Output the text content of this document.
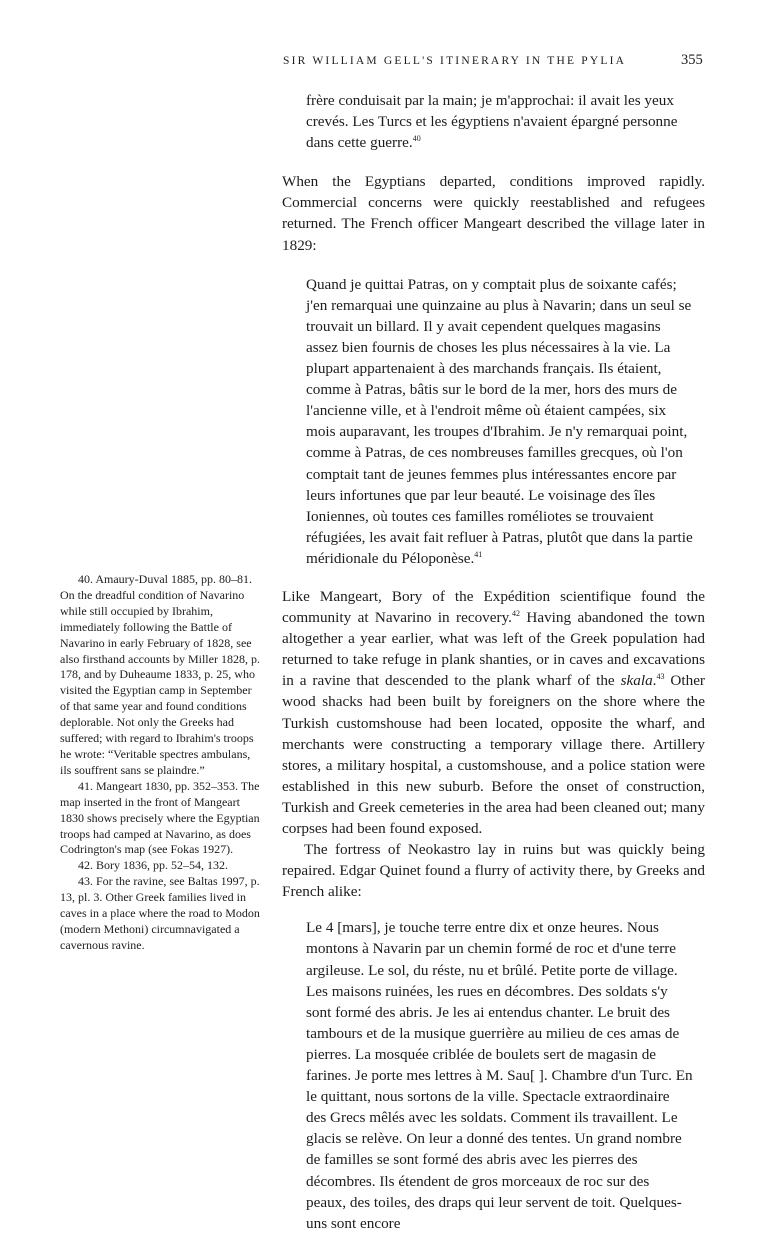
SIR WILLIAM GELL'S ITINERARY IN THE PYLIA	355

frère conduisait par la main; je m'approchai: il avait les yeux crevés. Les Turcs et les égyptiens n'avaient épargné personne dans cette guerre.$^{40}$

When the Egyptians departed, conditions improved rapidly. Commercial concerns were quickly reestablished and refugees returned. The French officer Mangeart described the village later in 1829:

Quand je quittai Patras, on y comptait plus de soixante cafés; j'en remarquai une quinzaine au plus à Navarin; dans un seul se trouvait un billard. Il y avait cependent quelques magasins assez bien fournis de choses les plus nécessaires à la vie. La plupart appartenaient à des marchands français. Ils étaient, comme à Patras, bâtis sur le bord de la mer, hors des murs de l'ancienne ville, et à l'endroit même où étaient campées, six mois auparavant, les troupes d'Ibrahim. Je n'y remarquai point, comme à Patras, de ces nombreuses familles grecques, où l'on comptait tant de jeunes femmes plus intéressantes encore par leurs infortunes que par leur beauté. Le voisinage des îles Ioniennes, où toutes ces familles roméliotes se trouvaient réfugiées, les avait fait refluer à Patras, plutôt que dans la partie méridionale du Péloponèse.$^{41}$

Like Mangeart, Bory of the Expédition scientifique found the community at Navarino in recovery.$^{42}$ Having abandoned the town altogether a year earlier, what was left of the Greek population had returned to take refuge in plank shanties, or in caves and excavations in a ravine that descended to the plank wharf of the skala.$^{43}$ Other wood shacks had been built by foreigners on the shore where the Turkish customshouse had been located, opposite the wharf, and merchants were constructing a temporary village there. Artillery stores, a military hospital, a customshouse, and a police station were established in this new suburb. Before the onset of construction, Turkish and Greek cemeteries in the area had been cleaned out; many corpses had been found exposed.

The fortress of Neokastro lay in ruins but was quickly being repaired. Edgar Quinet found a flurry of activity there, by Greeks and French alike:

Le 4 [mars], je touche terre entre dix et onze heures. Nous montons à Navarin par un chemin formé de roc et d'une terre argileuse. Le sol, du réste, nu et brûlé. Petite porte de village. Les maisons ruinées, les rues en décombres. Des soldats s'y sont formé des abris. Je les ai entendus chanter. Le bruit des tambours et de la musique guerrière au milieu de ces amas de pierres. La mosquée criblée de boulets sert de magasin de farines. Je porte mes lettres à M. Sau[ ]. Chambre d'un Turc. En le quittant, nous sortons de la ville. Spectacle extraordinaire des Grecs mêlés avec les soldats. Comment ils travaillent. Le glacis se relève. On leur a donné des tentes. Un grand nombre de familles se sont formé des abris avec les pierres des décombres. Ils étendent de gros morceaux de roc sur des peaux, des toiles, des draps qui leur servent de toit. Quelques-uns sont encore

40. Amaury-Duval 1885, pp. 80–81. On the dreadful condition of Navarino while still occupied by Ibrahim, immediately following the Battle of Navarino in early February of 1828, see also firsthand accounts by Miller 1828, p. 178, and by Duheaume 1833, p. 25, who visited the Egyptian camp in September of that same year and found conditions deplorable. Not only the Greeks had suffered; with regard to Ibrahim's troops he wrote: “Veritable spectres ambulans, ils souffrent sans se plaindre.”

41. Mangeart 1830, pp. 352–353. The map inserted in the front of Mangeart 1830 shows precisely where the Egyptian troops had camped at Navarino, as does Codrington's map (see Fokas 1927).

42. Bory 1836, pp. 52–54, 132.

43. For the ravine, see Baltas 1997, p. 13, pl. 3. Other Greek families lived in caves in a place where the road to Modon (modern Methoni) circumnavigated a cavernous ravine.
